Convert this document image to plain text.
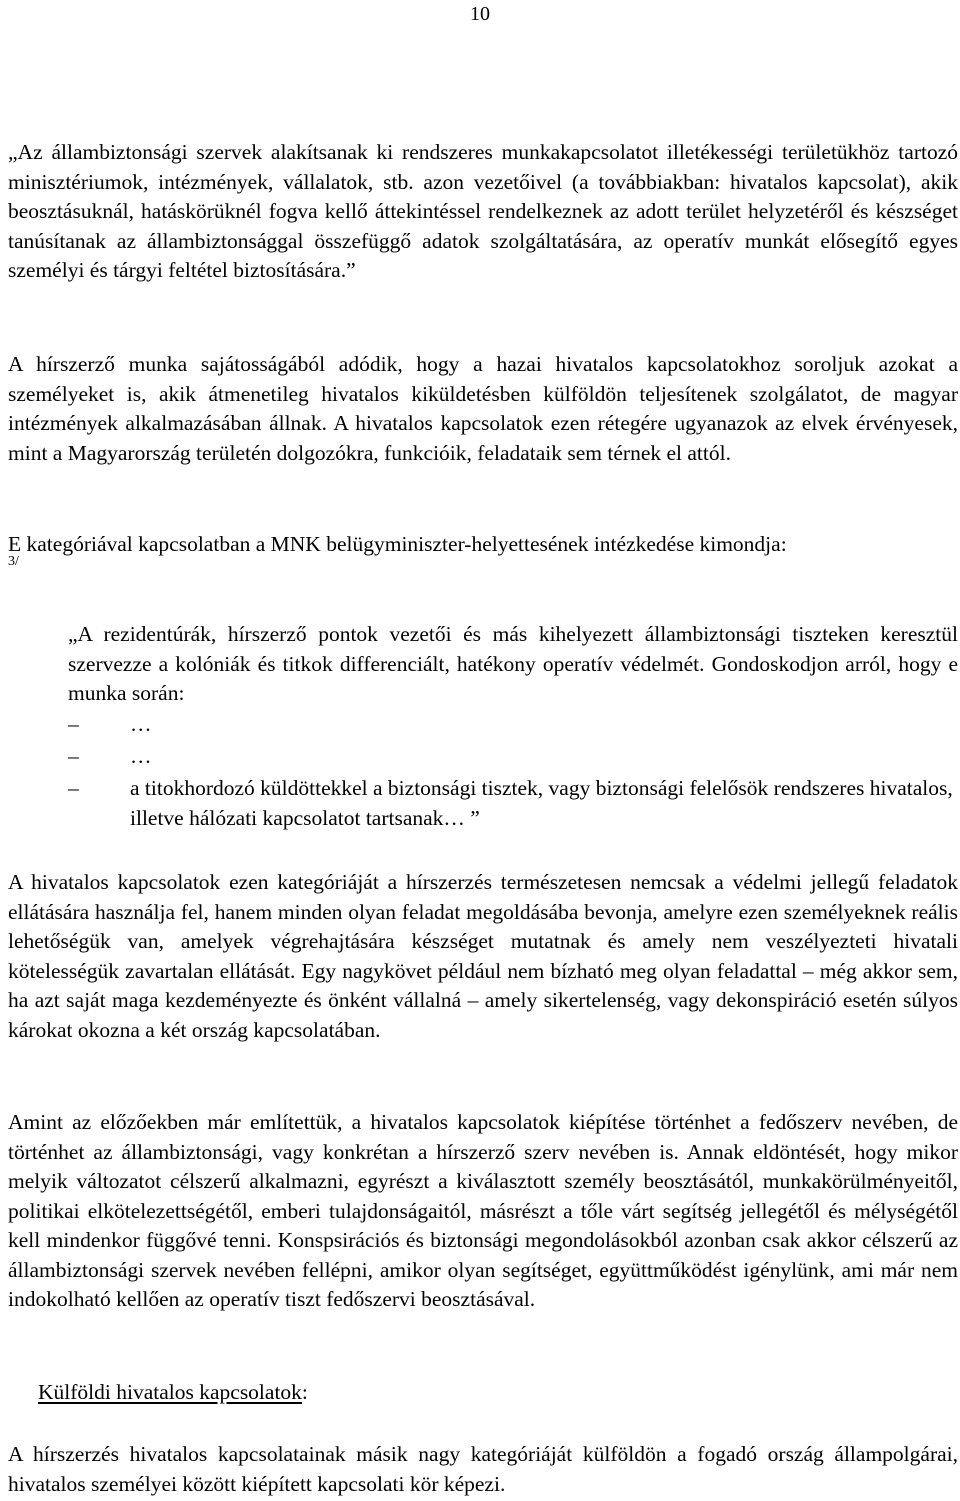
10

„Az állambiztonsági szervek alakítsanak ki rendszeres munkakapcsolatot illetékességi területükhöz tartozó minisztériumok, intézmények, vállalatok, stb. azon vezetőivel (a továbbiakban: hivatalos kapcsolat), akik beosztásuknál, hatáskörüknél fogva kellő áttekintéssel rendelkeznek az adott terület helyzetéről és készséget tanúsítanak az állambiztonsággal összefüggő adatok szolgáltatására, az operatív munkát elősegítő egyes személyi és tárgyi feltétel biztosítására.”

A hírszerző munka sajátosságából adódik, hogy a hazai hivatalos kapcsolatokhoz soroljuk azokat a személyeket is, akik átmenetileg hivatalos kiküldetésben külföldön teljesítenek szolgálatot, de magyar intézmények alkalmazásában állnak. A hivatalos kapcsolatok ezen rétegére ugyanazok az elvek érvényesek, mint a Magyarország területén dolgozókra, funkcióik, feladataik sem térnek el attól.

E kategóriával kapcsolatban a MNK belügyminiszter-helyettesének intézkedése kimondja:

3/

„A rezidentúrák, hírszerző pontok vezetői és más kihelyezett állambiztonsági tiszteken keresztül szervezze a kolóniák és titkok differenciált, hatékony operatív védelmét. Gondoskodjon arról, hogy e munka során:

–	…
–	…
–	a titokhordozó küldöttekkel a biztonsági tisztek, vagy biztonsági felelősök rendszeres hivatalos, illetve hálózati kapcsolatot tartsanak… ”

A hivatalos kapcsolatok ezen kategóriáját a hírszerzés természetesen nemcsak a védelmi jellegű feladatok ellátására használja fel, hanem minden olyan feladat megoldásába bevonja, amelyre ezen személyeknek reális lehetőségük van, amelyek végrehajtására készséget mutatnak és amely nem veszélyezteti hivatali kötelességük zavartalan ellátását. Egy nagykövet például nem bízható meg olyan feladattal – még akkor sem, ha azt saját maga kezdeményezte és önként vállalná – amely sikertelenség, vagy dekonspiráció esetén súlyos károkat okozna a két ország kapcsolatában.

Amint az előzőekben már említettük, a hivatalos kapcsolatok kiépítése történhet a fedőszerv nevében, de történhet az állambiztonsági, vagy konkrétan a hírszerző szerv nevében is. Annak eldöntését, hogy mikor melyik változatot célszerű alkalmazni, egyrészt a kiválasztott személy beosztásától, munkakörülményeitől, politikai elkötelezettségétől, emberi tulajdonságaitól, másrészt a tőle várt segítség jellegétől és mélységétől kell mindenkor függővé tenni. Konspsirációs és biztonsági megondolásokból azonban csak akkor célszerű az állambiztonsági szervek nevében fellépni, amikor olyan segítséget, együttműködést igénylünk, ami már nem indokolható kellően az operatív tiszt fedőszervi beosztásával.

Külföldi hivatalos kapcsolatok:

A hírszerzés hivatalos kapcsolatainak másik nagy kategóriáját külföldön a fogadó ország állampolgárai, hivatalos személyei között kiépített kapcsolati kör képezi.
